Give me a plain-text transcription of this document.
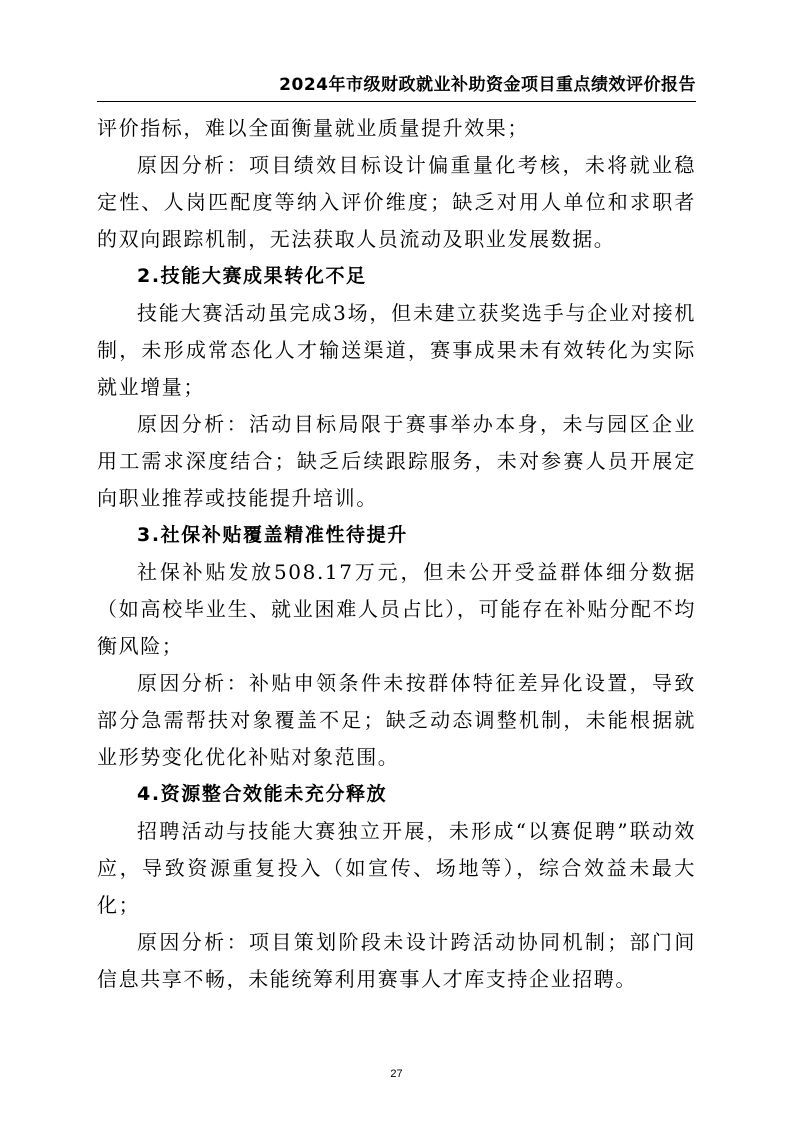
2024年市级财政就业补助资金项目重点绩效评价报告

评价指标，难以全面衡量就业质量提升效果；

原因分析：项目绩效目标设计偏重量化考核，未将就业稳定性、人岗匹配度等纳入评价维度；缺乏对用人单位和求职者的双向跟踪机制，无法获取人员流动及职业发展数据。

2.技能大赛成果转化不足

技能大赛活动虽完成3场，但未建立获奖选手与企业对接机制，未形成常态化人才输送渠道，赛事成果未有效转化为实际就业增量；

原因分析：活动目标局限于赛事举办本身，未与园区企业用工需求深度结合；缺乏后续跟踪服务，未对参赛人员开展定向职业推荐或技能提升培训。

3.社保补贴覆盖精准性待提升

社保补贴发放508.17万元，但未公开受益群体细分数据（如高校毕业生、就业困难人员占比），可能存在补贴分配不均衡风险；

原因分析：补贴申领条件未按群体特征差异化设置，导致部分急需帮扶对象覆盖不足；缺乏动态调整机制，未能根据就业形势变化优化补贴对象范围。

4.资源整合效能未充分释放

招聘活动与技能大赛独立开展，未形成“以赛促聘”联动效应，导致资源重复投入（如宣传、场地等），综合效益未最大化；

原因分析：项目策划阶段未设计跨活动协同机制；部门间信息共享不畅，未能统筹利用赛事人才库支持企业招聘。

27
